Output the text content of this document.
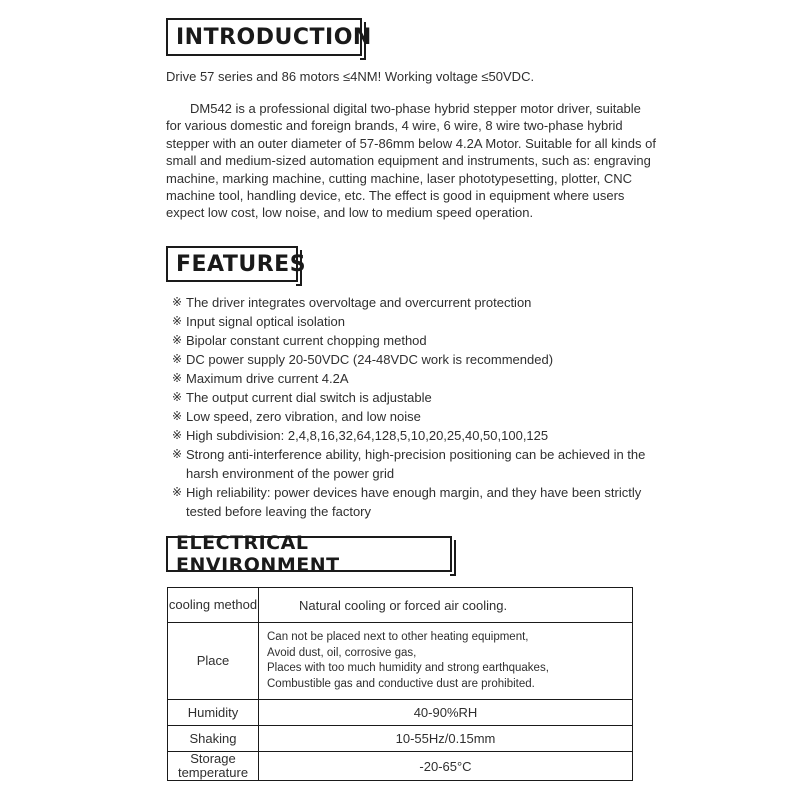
INTRODUCTION
Drive 57 series and 86 motors ≤4NM! Working voltage ≤50VDC.
DM542 is a professional digital two-phase hybrid stepper motor driver, suitable for various domestic and foreign brands, 4 wire, 6 wire, 8 wire two-phase hybrid stepper with an outer diameter of 57-86mm below 4.2A Motor. Suitable for all kinds of small and medium-sized automation equipment and instruments, such as: engraving machine, marking machine, cutting machine, laser phototypesetting, plotter, CNC machine tool, handling device, etc. The effect is good in equipment where users expect low cost, low noise, and low to medium speed operation.
FEATURES
※ The driver integrates overvoltage and overcurrent protection
※ Input signal optical isolation
※ Bipolar constant current chopping method
※ DC power supply 20-50VDC (24-48VDC work is recommended)
※ Maximum drive current 4.2A
※ The output current dial switch is adjustable
※ Low speed, zero vibration, and low noise
※ High subdivision: 2,4,8,16,32,64,128,5,10,20,25,40,50,100,125
※ Strong anti-interference ability, high-precision positioning can be achieved in the harsh environment of the power grid
※ High reliability: power devices have enough margin, and they have been strictly tested before leaving the factory
ELECTRICAL ENVIRONMENT
cooling method	Natural cooling or forced air cooling.
Place	Can not be placed next to other heating equipment,
Avoid dust, oil, corrosive gas,
Places with too much humidity and strong earthquakes,
Combustible gas and conductive dust are prohibited.

Humidity	40-90%RH
Shaking	10-55Hz/0.15mm
Storage temperature	-20-65°C
